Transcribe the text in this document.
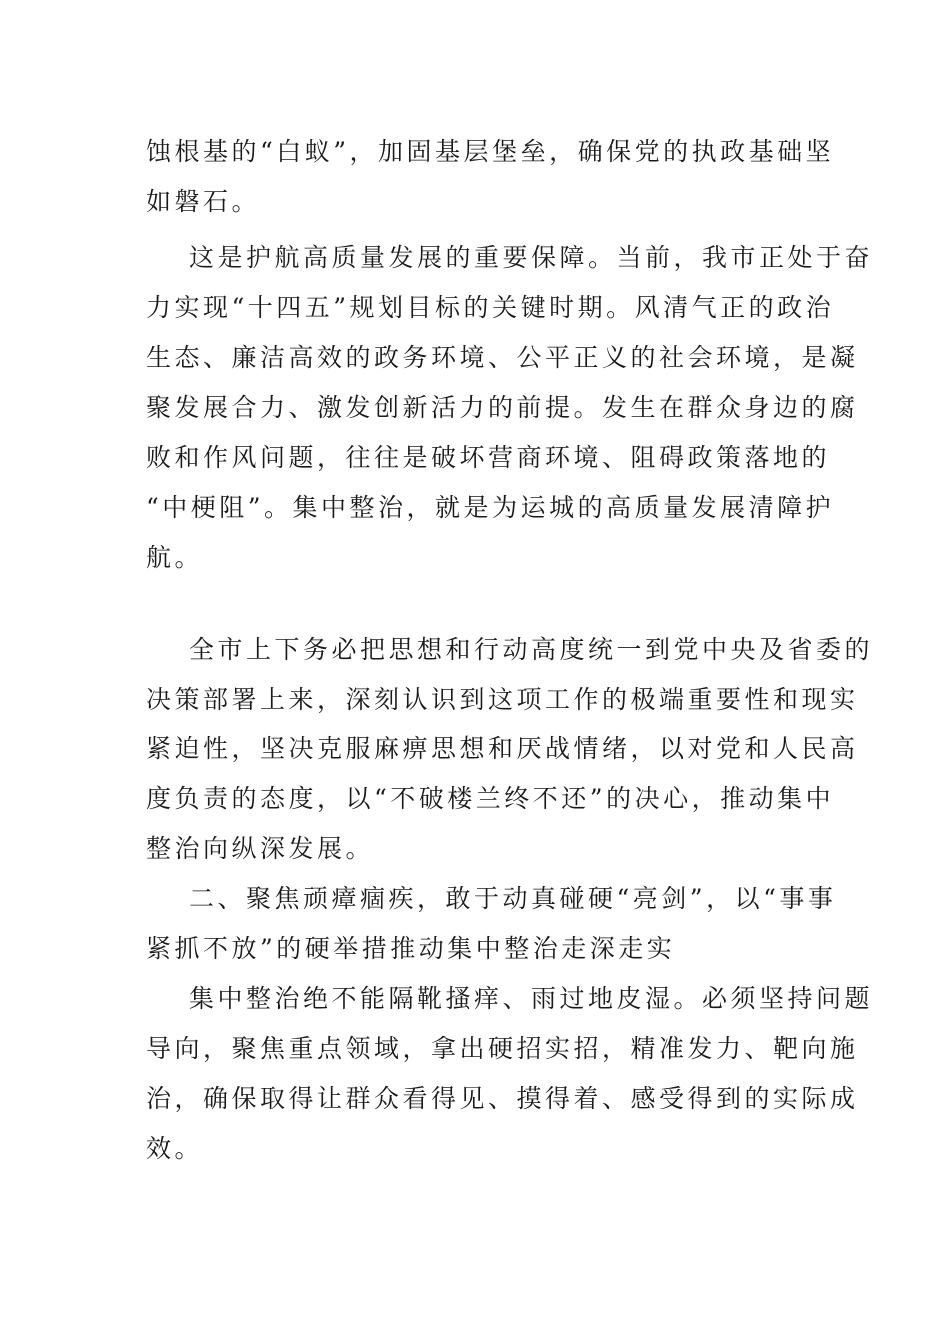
蚀根基的“白蚁”，加固基层堡垒，确保党的执政基础坚

如磐石。

这是护航高质量发展的重要保障。当前，我市正处于奋

力实现“十四五”规划目标的关键时期。风清气正的政治

生态、廉洁高效的政务环境、公平正义的社会环境，是凝

聚发展合力、激发创新活力的前提。发生在群众身边的腐

败和作风问题，往往是破坏营商环境、阻碍政策落地的

“中梗阻”。集中整治，就是为运城的高质量发展清障护

航。

全市上下务必把思想和行动高度统一到党中央及省委的

决策部署上来，深刻认识到这项工作的极端重要性和现实

紧迫性，坚决克服麻痹思想和厌战情绪，以对党和人民高

度负责的态度，以“不破楼兰终不还”的决心，推动集中

整治向纵深发展。

二、聚焦顽瘴痼疾，敢于动真碰硬“亮剑”，以“事事

紧抓不放”的硬举措推动集中整治走深走实

集中整治绝不能隔靴搔痒、雨过地皮湿。必须坚持问题

导向，聚焦重点领域，拿出硬招实招，精准发力、靶向施

治，确保取得让群众看得见、摸得着、感受得到的实际成

效。
